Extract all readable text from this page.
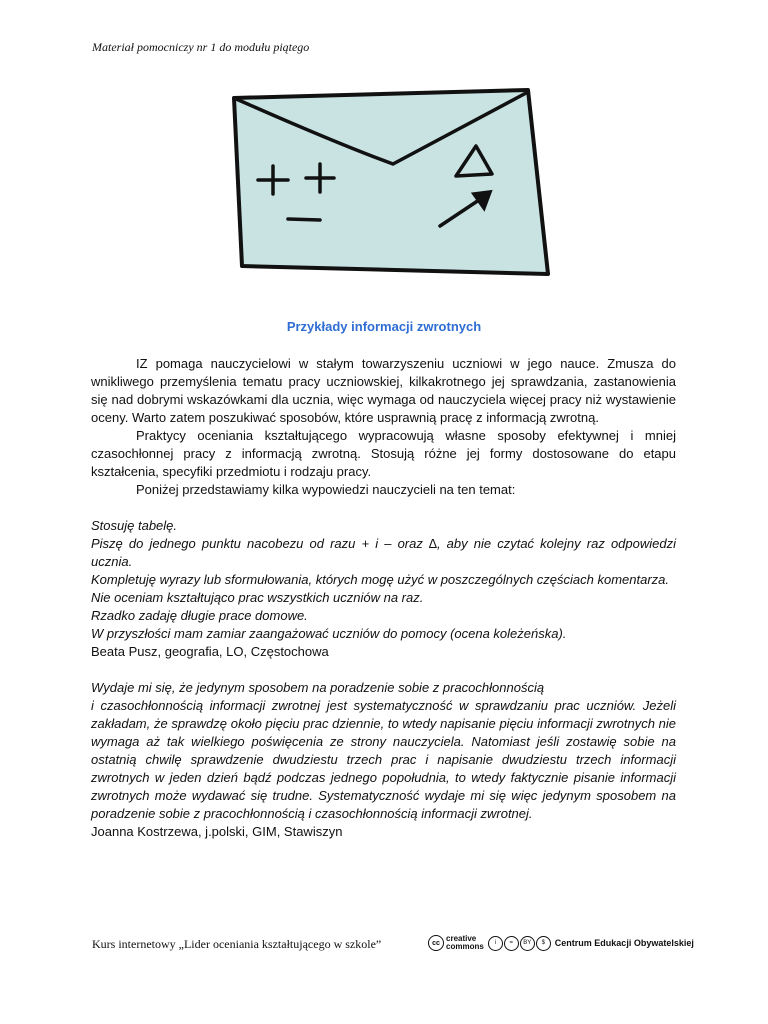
Materiał pomocniczy nr 1 do modułu piątego
Przykłady informacji zwrotnych

IZ pomaga nauczycielowi w stałym towarzyszeniu uczniowi w jego nauce. Zmusza do wnikliwego przemyślenia tematu pracy uczniowskiej, kilkakrotnego jej sprawdzania, zastanowienia się nad dobrymi wskazówkami dla ucznia, więc wymaga od nauczyciela więcej pracy niż wystawienie oceny. Warto zatem poszukiwać sposobów, które usprawnią pracę z informacją zwrotną.

Praktycy oceniania kształtującego wypracowują własne sposoby efektywnej i mniej czasochłonnej pracy z informacją zwrotną. Stosują różne jej formy dostosowane do etapu kształcenia, specyfiki przedmiotu i rodzaju pracy.

Poniżej przedstawiamy kilka wypowiedzi nauczycieli na ten temat:

Stosuję tabelę.

Piszę do jednego punktu nacobezu od razu + i – oraz ∆, aby nie czytać kolejny raz odpowiedzi ucznia.

Kompletuję wyrazy lub sformułowania, których mogę użyć w poszczególnych częściach komentarza.

Nie oceniam kształtująco prac wszystkich uczniów na raz.

Rzadko zadaję długie prace domowe.

W przyszłości mam zamiar zaangażować uczniów do pomocy (ocena koleżeńska).

Beata Pusz, geografia, LO, Częstochowa

Wydaje mi się, że jedynym sposobem na poradzenie sobie z pracochłonnością

i czasochłonnością informacji zwrotnej jest systematyczność w sprawdzaniu prac uczniów. Jeżeli zakładam, że sprawdzę około pięciu prac dziennie, to wtedy napisanie pięciu informacji zwrotnych nie wymaga aż tak wielkiego poświęcenia ze strony nauczyciela. Natomiast jeśli zostawię sobie na ostatnią chwilę sprawdzenie dwudziestu trzech prac i napisanie dwudziestu trzech informacji zwrotnych w jeden dzień bądź podczas jednego popołudnia, to wtedy faktycznie pisanie informacji zwrotnych może wydawać się trudne. Systematyczność wydaje mi się więc jedynym sposobem na poradzenie sobie z pracochłonnością i czasochłonnością informacji zwrotnej.

Joanna Kostrzewa, j.polski, GIM, Stawiszyn

Kurs internetowy „Lider oceniania kształtującego w szkole”	cc creative
commons	i	=	BY	$	Centrum Edukacji Obywatelskiej
